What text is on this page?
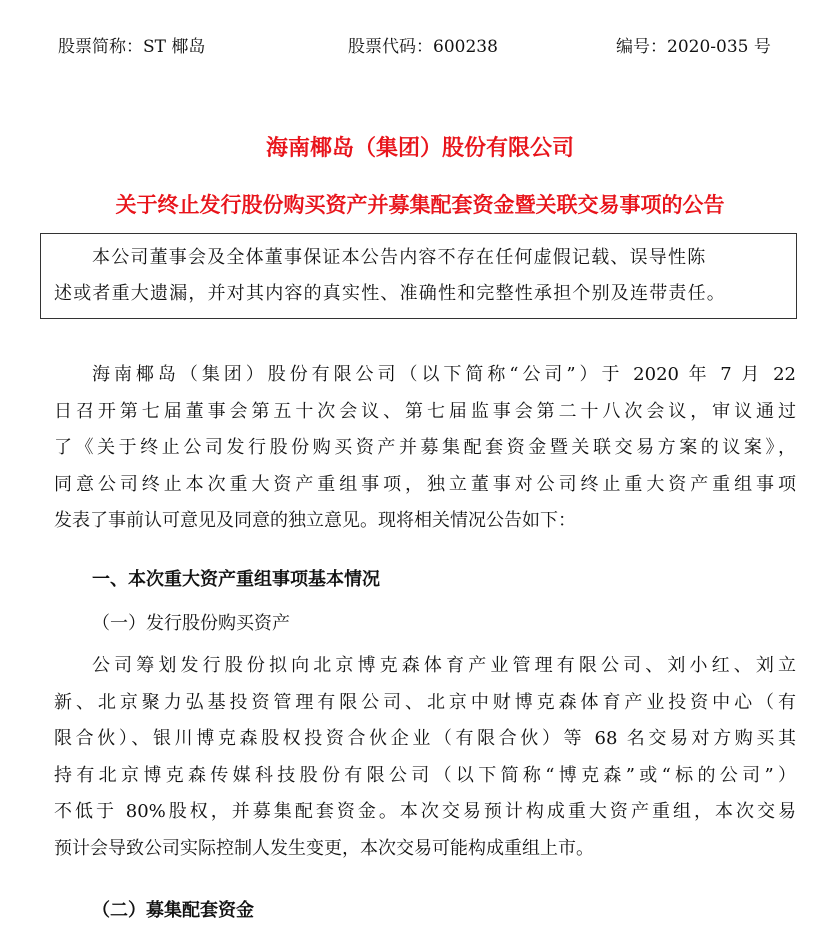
股票简称：ST 椰岛	股票代码：600238	编号：2020-035 号
海南椰岛（集团）股份有限公司
关于终止发行股份购买资产并募集配套资金暨关联交易事项的公告

本公司董事会及全体董事保证本公告内容不存在任何虚假记载、误导性陈

述或者重大遗漏，并对其内容的真实性、准确性和完整性承担个别及连带责任。

海南椰岛（集团）股份有限公司（以下简称“公司”）于 2020 年 7 月 22
日召开第七届董事会第五十次会议、第七届监事会第二十八次会议，审议通过
了《关于终止公司发行股份购买资产并募集配套资金暨关联交易方案的议案》，
同意公司终止本次重大资产重组事项，独立董事对公司终止重大资产重组事项
发表了事前认可意见及同意的独立意见。现将相关情况公告如下：
一、本次重大资产重组事项基本情况
（一）发行股份购买资产
公司筹划发行股份拟向北京博克森体育产业管理有限公司、刘小红、刘立
新、北京聚力弘基投资管理有限公司、北京中财博克森体育产业投资中心（有
限合伙）、银川博克森股权投资合伙企业（有限合伙）等 68 名交易对方购买其
持有北京博克森传媒科技股份有限公司（以下简称“博克森”或“标的公司”）
不低于 80%股权，并募集配套资金。本次交易预计构成重大资产重组，本次交易
预计会导致公司实际控制人发生变更，本次交易可能构成重组上市。
（二）募集配套资金
